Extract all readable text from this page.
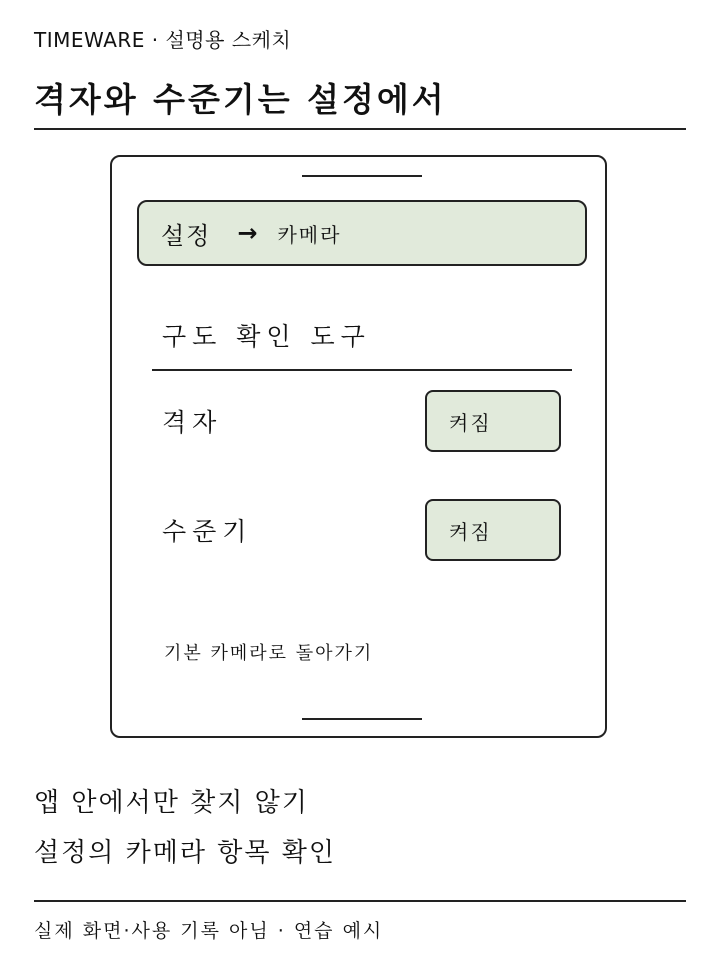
TIMEWARE · 설명용 스케치
격자와 수준기는 설정에서
설정 → 카메라
구도 확인 도구
격자	켜짐
수준기	켜짐
기본 카메라로 돌아가기
앱 안에서만 찾지 않기
설정의 카메라 항목 확인
실제 화면·사용 기록 아님 · 연습 예시
